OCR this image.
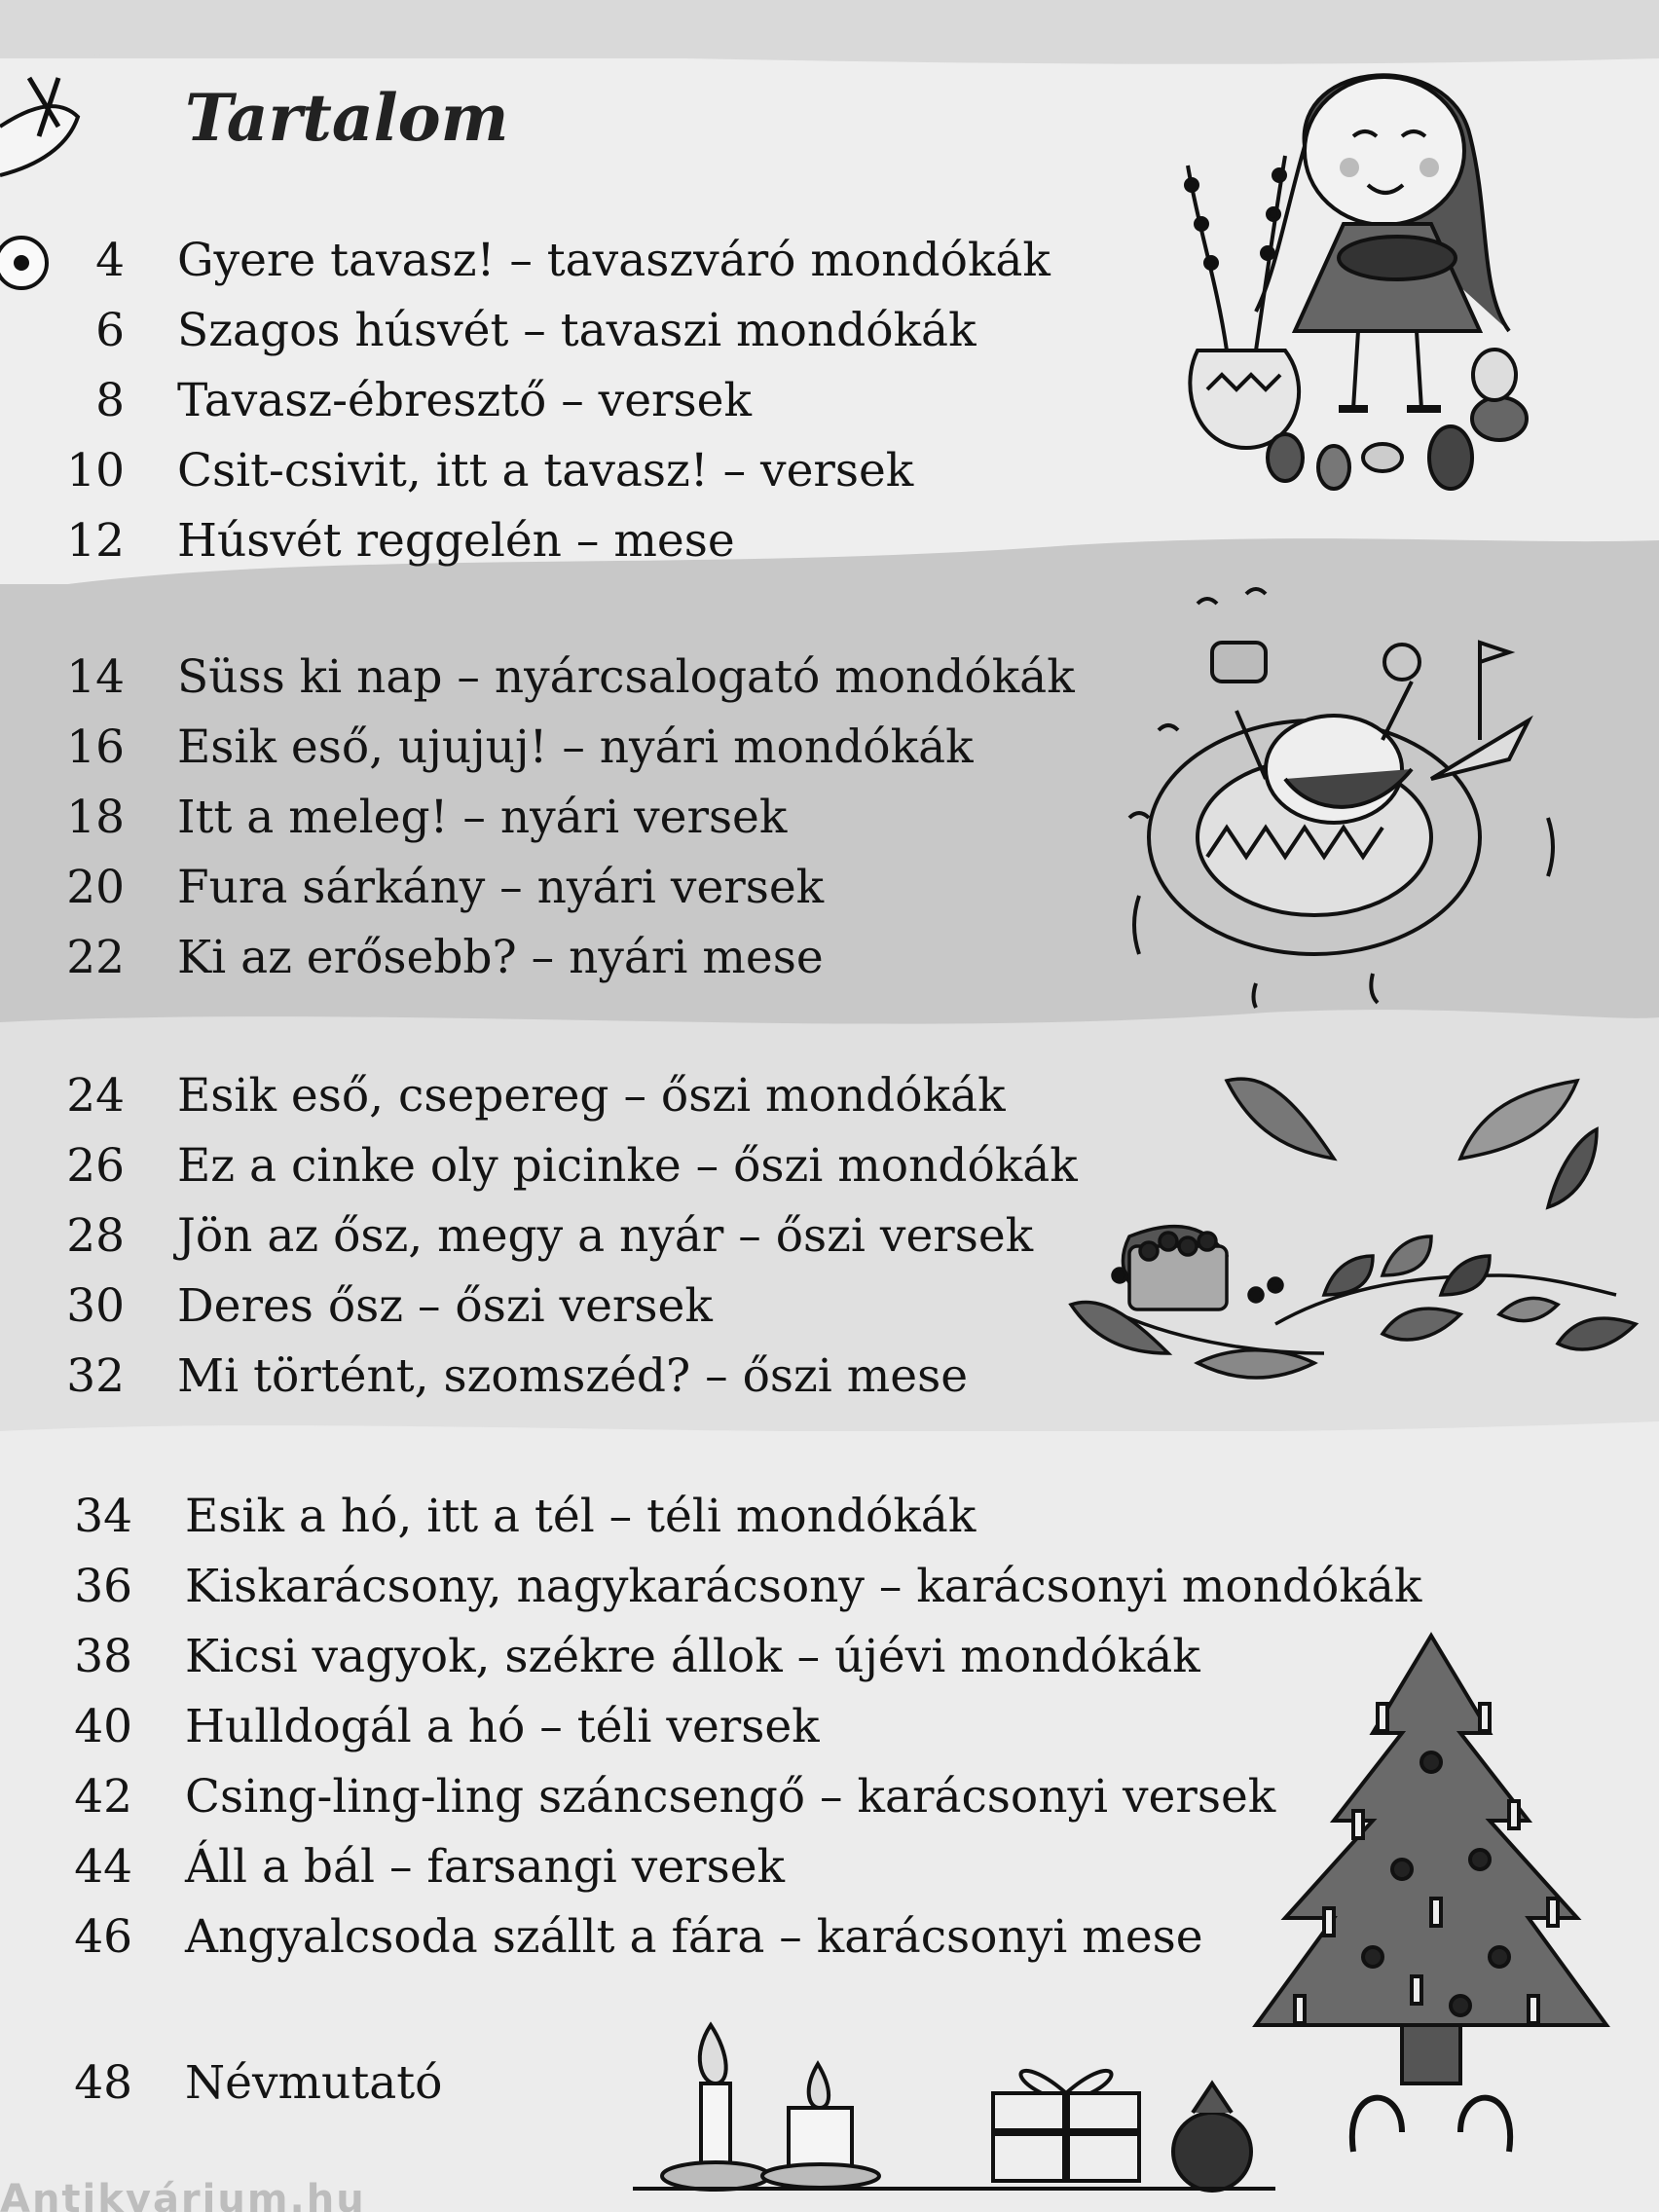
Tartalom
4 Gyere tavasz! – tavaszváró mondókák
6 Szagos húsvét – tavaszi mondókák
8 Tavasz-ébresztő – versek
10 Csit-csivit, itt a tavasz! – versek
12 Húsvét reggelén – mese
14 Süss ki nap – nyárcsalogató mondókák
16 Esik eső, ujujuj! – nyári mondókák
18 Itt a meleg! – nyári versek
20 Fura sárkány – nyári versek
22 Ki az erősebb? – nyári mese
24 Esik eső, csepereg – őszi mondókák
26 Ez a cinke oly picinke – őszi mondókák
28 Jön az ősz, megy a nyár – őszi versek
30 Deres ősz – őszi versek
32 Mi történt, szomszéd? – őszi mese
34 Esik a hó, itt a tél – téli mondókák
36 Kiskarácsony, nagykarácsony – karácsonyi mondókák
38 Kicsi vagyok, székre állok – újévi mondókák
40 Hulldogál a hó – téli versek
42 Csing-ling-ling száncsengő – karácsonyi versek
44 Áll a bál – farsangi versek
46 Angyalcsoda szállt a fára – karácsonyi mese
48 Névmutató
Antikvárium.hu
